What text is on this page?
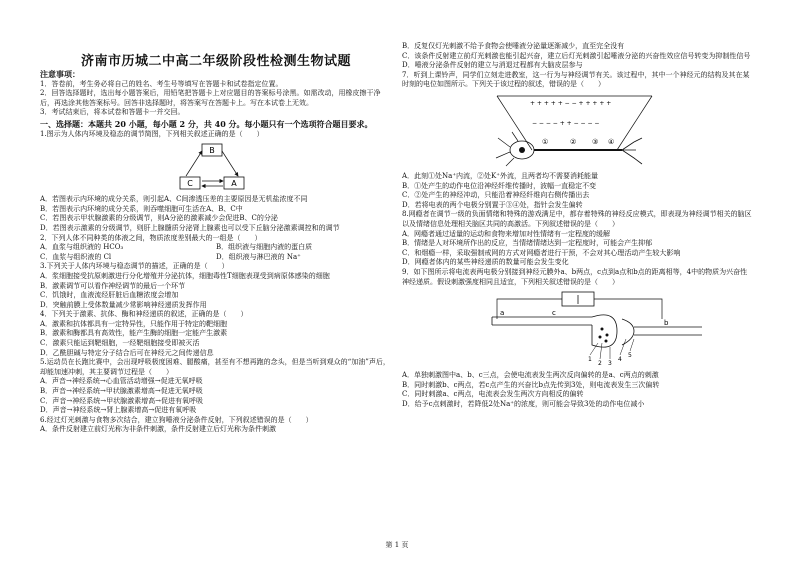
济南市历城二中高二年级阶段性检测生物试题

注意事项：

1．答卷前，考生务必将自己的姓名、考生号等填写在答题卡和试卷指定位置。

2．回答选择题时，选出每小题答案后，用铅笔把答题卡上对应题目的答案标号涂黑。如需改动，用橡皮擦干净后，再选涂其他答案标号。回答非选择题时，将答案写在答题卡上。写在本试卷上无效。

3．考试结束后，将本试卷和答题卡一并交回。

一、选择题：本题共 20 小题，每小题 2 分，共 40 分。每小题只有一个选项符合题目要求。

1.图示为人体内环境及稳态的调节简图，下列相关叙述正确的是（　　）

B
C	A

A．若图表示内环境的成分关系，则引起A、C间渗透压差的主要原因是无机盐浓度不同

B．若图表示内环境的成分关系，则吞噬细胞可生活在A、B、C中

C．若图表示甲状腺激素的分级调节，则A分泌的激素减少会促进B、C的分泌

D．若图表示激素的分级调节，则肝上腺髓质分泌肾上腺素也可以受下丘脑分泌激素调控和的调节

2．下列人体不同种类的体液之间，物质浓度差别最大的一组是（　　）

A．血浆与组织液的 HCO₃	B．组织液与细胞内液的蛋白质

C．血浆与组织液的 Cl	D．组织液与淋巴液的 Na⁺

3.下列关于人体内环境与稳态调节的描述，正确的是（　　）

A．浆细胞接受抗原刺激进行分化增殖并分泌抗体，细胞毒性T细胞表现受到病原体感染的细胞

B．激素调节可以看作神经调节的最后一个环节

C．饥饿时，血液流经肝脏后血糖浓度会增加

D．突触前膜上受体数量减少常影响神经递质发挥作用

4．下列关于激素、抗体、酶和神经递质的叙述，正确的是（　　）

A．激素和抗体都具有一定特异性，只能作用于特定的靶细胞

B．激素和酶都具有高效性，能产生酶的细胞一定能产生激素

C．激素只能运到靶细胞，一经靶细胞接受即被灭活

D．乙酰胆碱与特定分子结合后可在神经元之间传递信息

5.运动员在长跑比赛中，会出现呼吸极度困难、腿酸痛，甚至有不想再跑的念头，但是当听到观众的“加油”声后，却能加速冲刺，其主要调节过程是（　　）

A．声音→神经系统→心血管活动增强→促进无氧呼吸

B．声音→神经系统→甲状腺激素增高→促进无氧呼吸

C．声音→神经系统→甲状腺激素增高→促进有氧呼吸

D．声音→神经系统→肾上腺素增高→促进有氧呼吸

6.经过灯光刺激与食物多次结合，建立狗唾液分泌条件反射，下列叙述错误的是（　　）

A．条件反射建立前灯光称为非条件刺激，条件反射建立后灯光称为条件刺激

B．反复仅灯光刺激不给予食物会使唾液分泌量逐渐减少，直至完全没有

C．该条件反射建立前灯光刺激也能引起兴奋，建立后灯光刺激引起唾液分泌的兴奋性效应信号转变为抑制性信号

D．唾液分泌条件反射的建立与消退过程都有大脑皮层参与

7．听到上课铃声，同学们立刻走进教室，这一行为与神经调节有关。该过程中，其中一个神经元的结构及其在某时刻的电位如图所示。下列关于该过程的叙述，错误的是（　　）

+ + + + + − − + + + + +
− − − − + + − − − −
①	② ③ ④

A．此刻①处Na⁺内流，②处K⁺外流，且两者均不需要消耗能量

B．①处产生的动作电位沿神经纤维传播时，波幅一直稳定不变

C．②处产生的神经冲动，只能沿着神经纤维向右侧传播出去

D．若将电表的两个电极分别置于③④处，指针会发生偏转

8.网瘾者在调节一级的负面情绪和特殊的游戏满足中，都存着特殊的神经反应模式，即表现为神经调节相关的脑区以及情绪信息处理相关脑区共同的高激活。下列叙述错误的是（　　）

A．网瘾者通过适量的运动和食物来增加对性情绪有一定程度的缓解

B．情绪是人对环境所作出的反应，当情绪情绪达到一定程度时，可能会产生抑郁

C．和烟瘾一样，采取强制戒网的方式对网瘾者进行干预，不会对其心理活动产生较大影响

D．网瘾者体内的某些神经递质的数量可能会发生变化

9．如下图所示将电流表两电极分别接到神经元膜外a、b两点，c点到a点和b点的距离相等，4中的物质为兴奋性神经递质。假设刺激强度相同且适宜，下列相关叙述错误的是（　　）

a
b
c
1
2 3
4
5

A．单独刺激图中a、b、c三点，会使电流表发生两次反向偏转的是a、c两点的刺激

B．同时刺激b、c两点，若c点产生的兴奋比b点先传到3处，则电流表发生三次偏转

C．同时刺激a、c两点，电流表会发生两次方向相反的偏转

D．给予c点刺激时，若降低2处Na⁺的浓度，则可能会导致3处的动作电位减小

第 1 页
